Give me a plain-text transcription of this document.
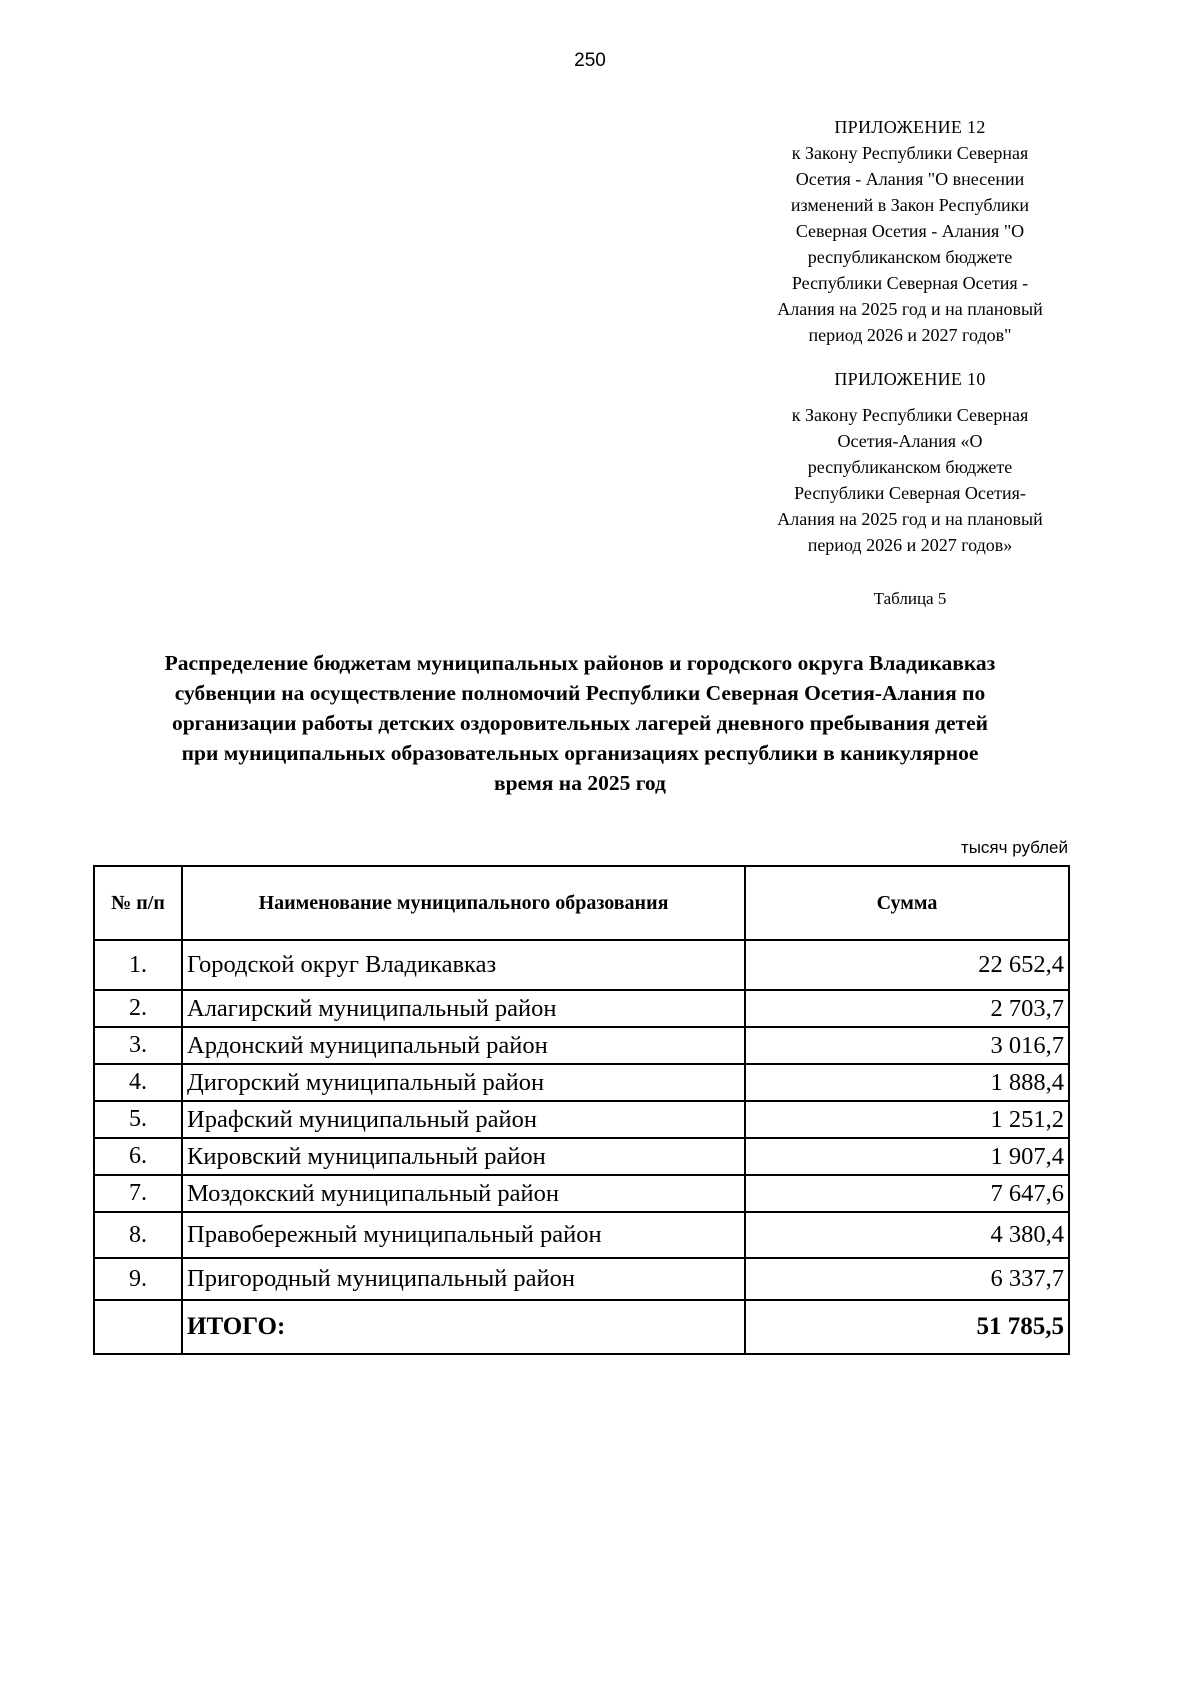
250
ПРИЛОЖЕНИЕ 12
к Закону Республики Северная
Осетия - Алания "О внесении
изменений в Закон Республики
Северная Осетия - Алания "О
республиканском бюджете
Республики Северная Осетия -
Алания на 2025 год и на плановый
период 2026 и 2027 годов"
ПРИЛОЖЕНИЕ 10
к Закону Республики Северная
Осетия-Алания «О
республиканском бюджете
Республики Северная Осетия-
Алания на 2025 год и на плановый
период 2026 и 2027 годов»
Таблица 5
Распределение бюджетам муниципальных районов и городского округа Владикавказ
субвенции на осуществление полномочий Республики Северная Осетия-Алания по
организации работы детских оздоровительных лагерей дневного пребывания детей
при муниципальных образовательных организациях республики в каникулярное
время на 2025 год
тысяч рублей
№ п/п	Наименование муниципального образования	Сумма
1.	Городской округ Владикавказ	22 652,4
2.	Алагирский муниципальный район	2 703,7
3.	Ардонский муниципальный район	3 016,7
4.	Дигорский муниципальный район	1 888,4
5.	Ирафский муниципальный район	1 251,2
6.	Кировский муниципальный район	1 907,4
7.	Моздокский муниципальный район	7 647,6
8.	Правобережный муниципальный район	4 380,4
9.	Пригородный муниципальный район	6 337,7
	ИТОГО:	51 785,5
